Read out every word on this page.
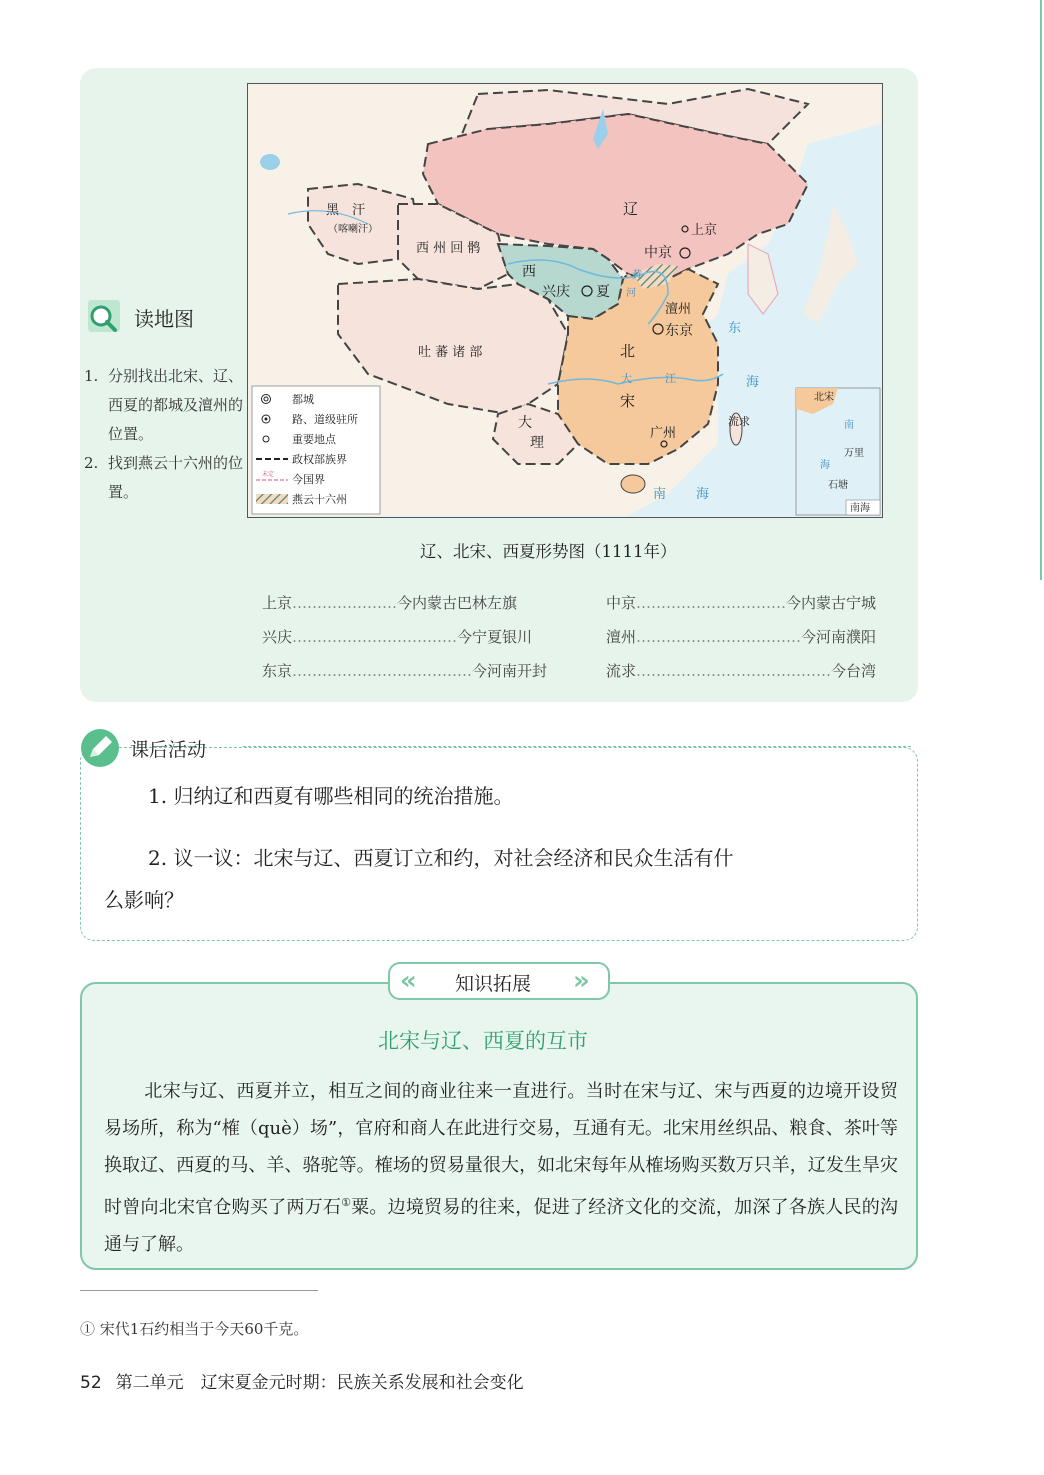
读地图
1. 分别找出北宋、辽、西夏的都城及澶州的位置。
2. 找到燕云十六州的位置。
黑　汗
（喀喇汗）
西 州 回 鹘
吐 蕃 诸 部
辽
上京
中京
西
兴庆 夏
澶州
东京
北
宋
大
理
广州
流求
黄
河
大	江
东
海
南 海
都城
路、道级驻所
重要地点
政权部族界
未定 今国界
燕云十六州
北宋
南
万里
海
石塘
南海
辽、北宋、西夏形势图（1111年）
上京…………………今内蒙古巴林左旗	中京…………………………今内蒙古宁城
兴庆……………………………今宁夏银川	澶州……………………………今河南濮阳
东京………………………………今河南开封	流求…………………………………今台湾
课后活动
1. 归纳辽和西夏有哪些相同的统治措施。
2. 议一议：北宋与辽、西夏订立和约，对社会经济和民众生活有什
么影响？
«	»
知识拓展
北宋与辽、西夏的互市
北宋与辽、西夏并立，相互之间的商业往来一直进行。当时在宋与辽、宋与西夏的边境开设贸易场所，称为“榷（què）场”，官府和商人在此进行交易，互通有无。北宋用丝织品、粮食、茶叶等换取辽、西夏的马、羊、骆驼等。榷场的贸易量很大，如北宋每年从榷场购买数万只羊，辽发生旱灾时曾向北宋官仓购买了两万石①粟。边境贸易的往来，促进了经济文化的交流，加深了各族人民的沟通与了解。
① 宋代1石约相当于今天60千克。
52 第二单元　辽宋夏金元时期：民族关系发展和社会变化
